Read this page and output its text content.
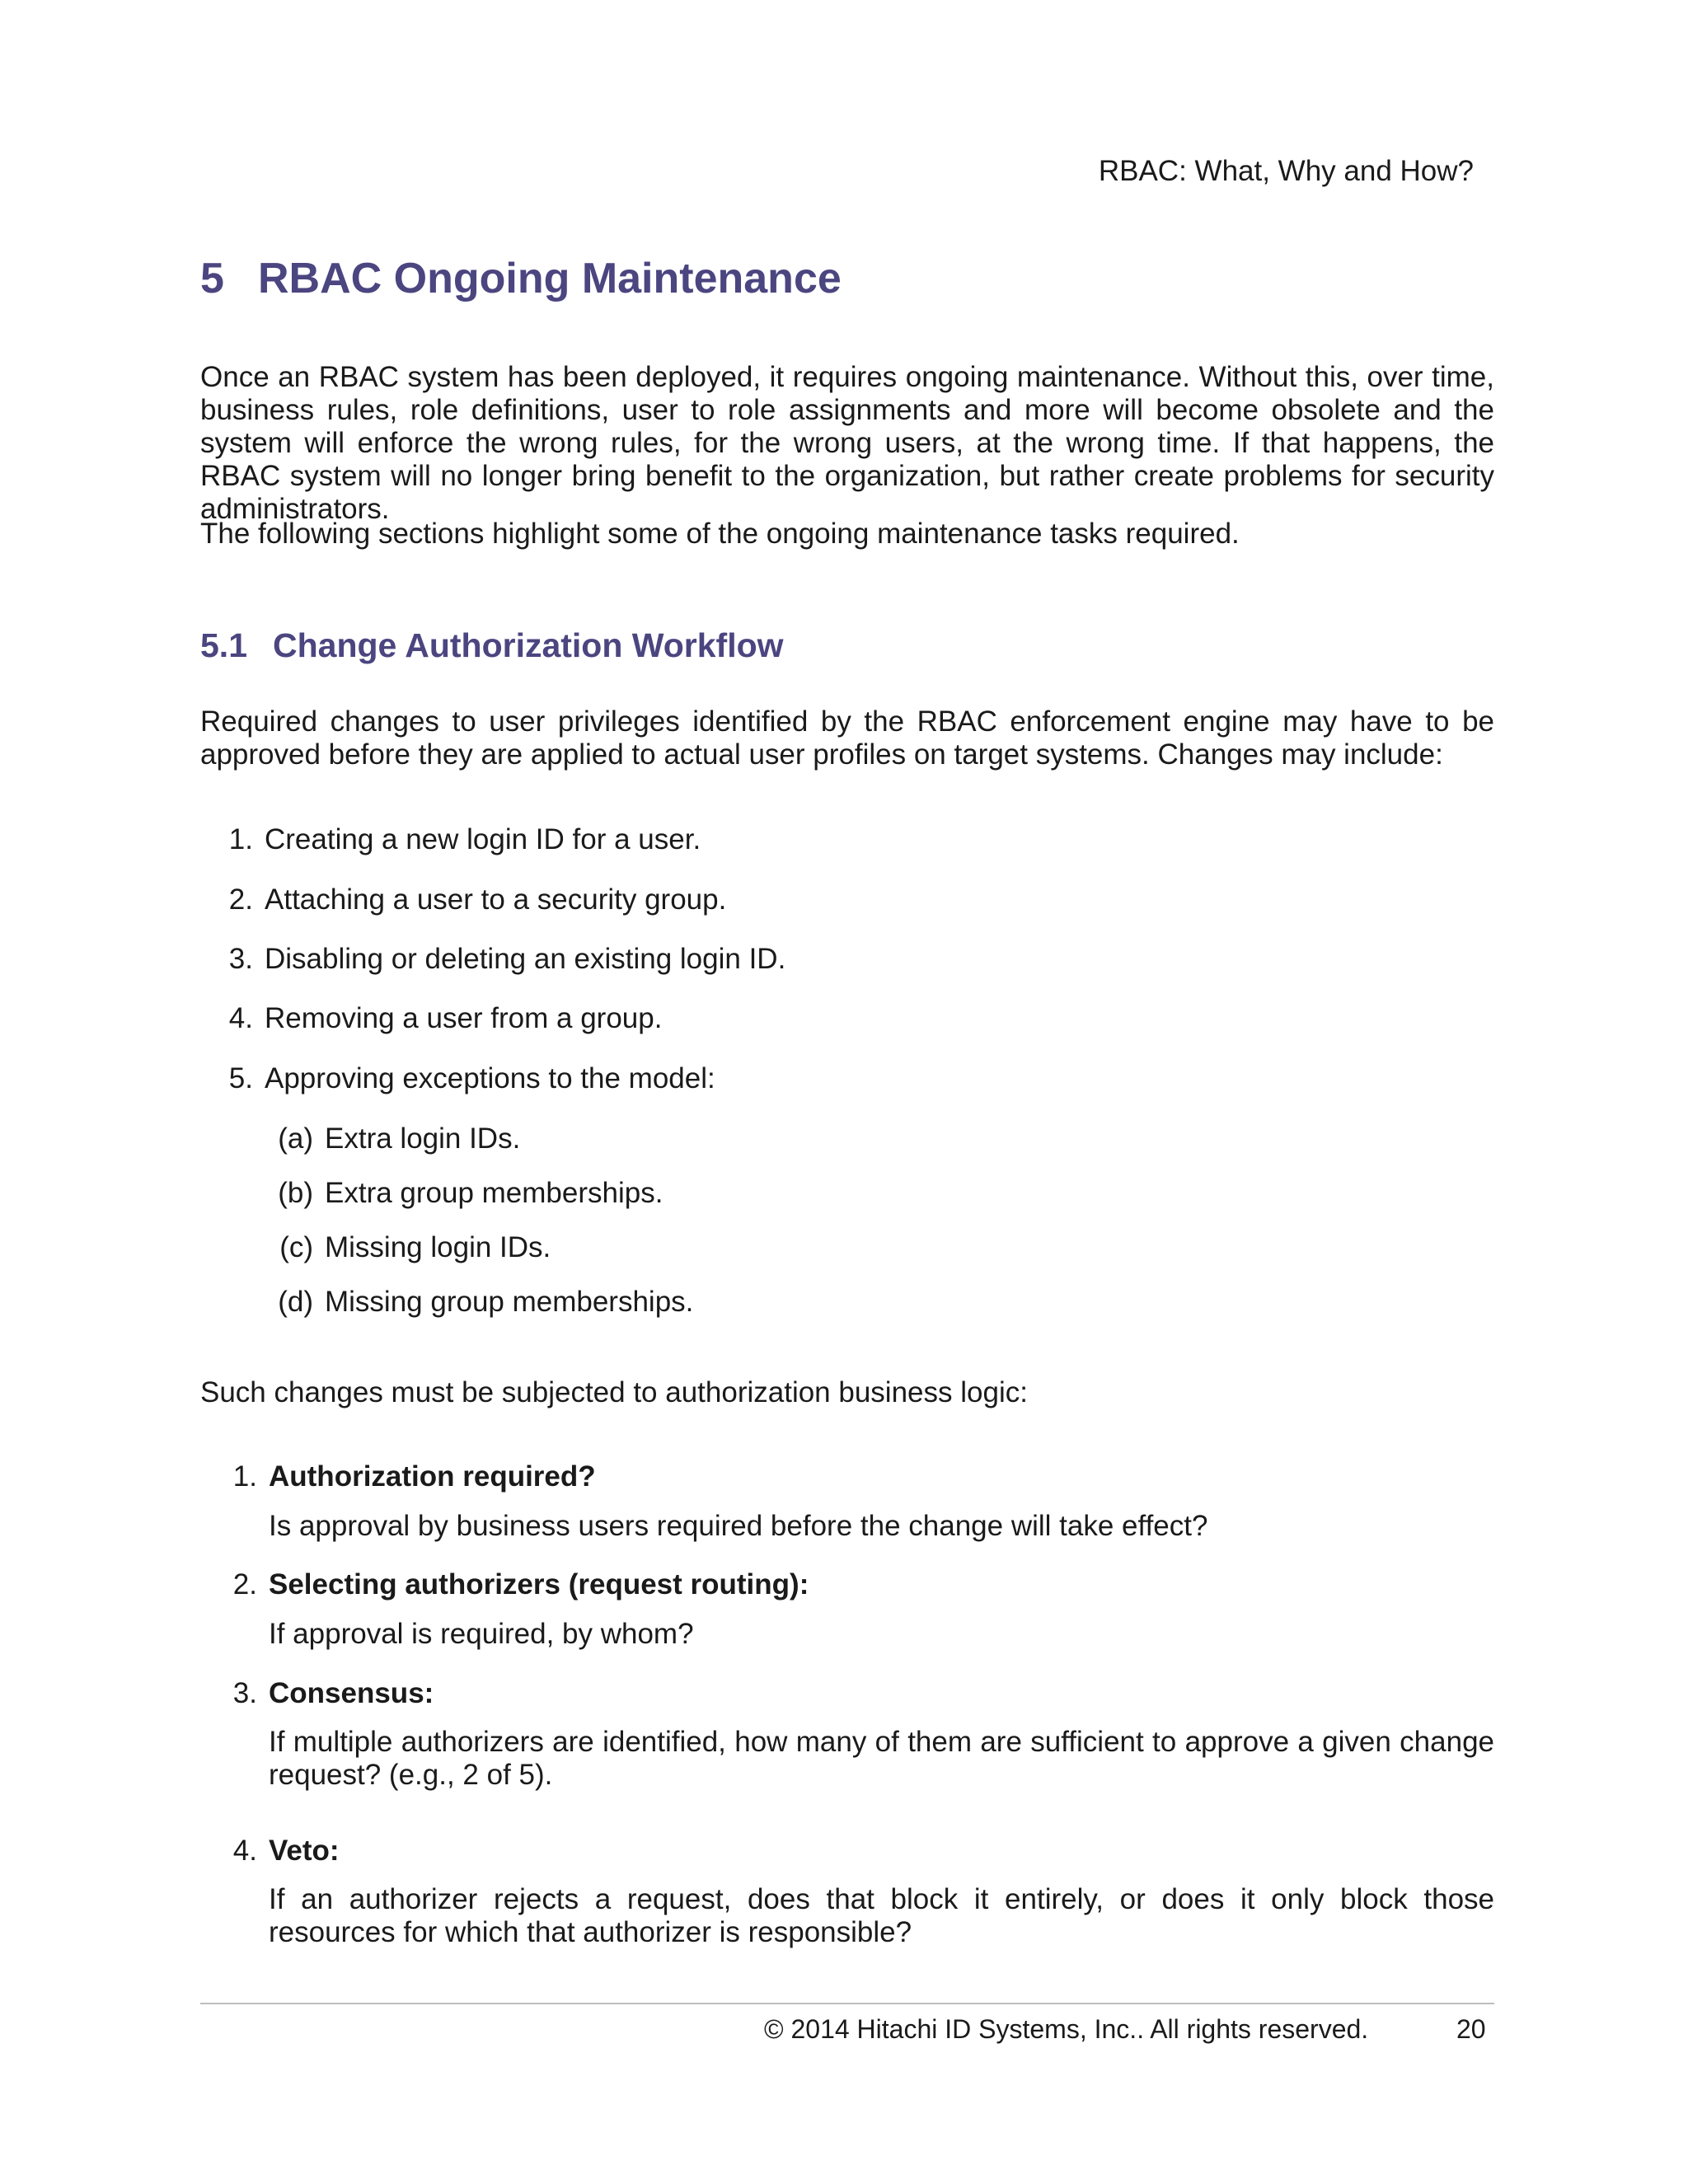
RBAC: What, Why and How?
5 RBAC Ongoing Maintenance
Once an RBAC system has been deployed, it requires ongoing maintenance. Without this, over time, business rules, role definitions, user to role assignments and more will become obsolete and the system will enforce the wrong rules, for the wrong users, at the wrong time. If that happens, the RBAC system will no longer bring benefit to the organization, but rather create problems for security administrators.
The following sections highlight some of the ongoing maintenance tasks required.
5.1 Change Authorization Workflow
Required changes to user privileges identified by the RBAC enforcement engine may have to be approved before they are applied to actual user profiles on target systems. Changes may include:
1. Creating a new login ID for a user.
2. Attaching a user to a security group.
3. Disabling or deleting an existing login ID.
4. Removing a user from a group.
5. Approving exceptions to the model:
(a) Extra login IDs.
(b) Extra group memberships.
(c) Missing login IDs.
(d) Missing group memberships.
Such changes must be subjected to authorization business logic:
1. Authorization required?
Is approval by business users required before the change will take effect?
2. Selecting authorizers (request routing):
If approval is required, by whom?
3. Consensus:
If multiple authorizers are identified, how many of them are sufficient to approve a given change request? (e.g., 2 of 5).
4. Veto:
If an authorizer rejects a request, does that block it entirely, or does it only block those resources for which that authorizer is responsible?
© 2014 Hitachi ID Systems, Inc.. All rights reserved.	20
